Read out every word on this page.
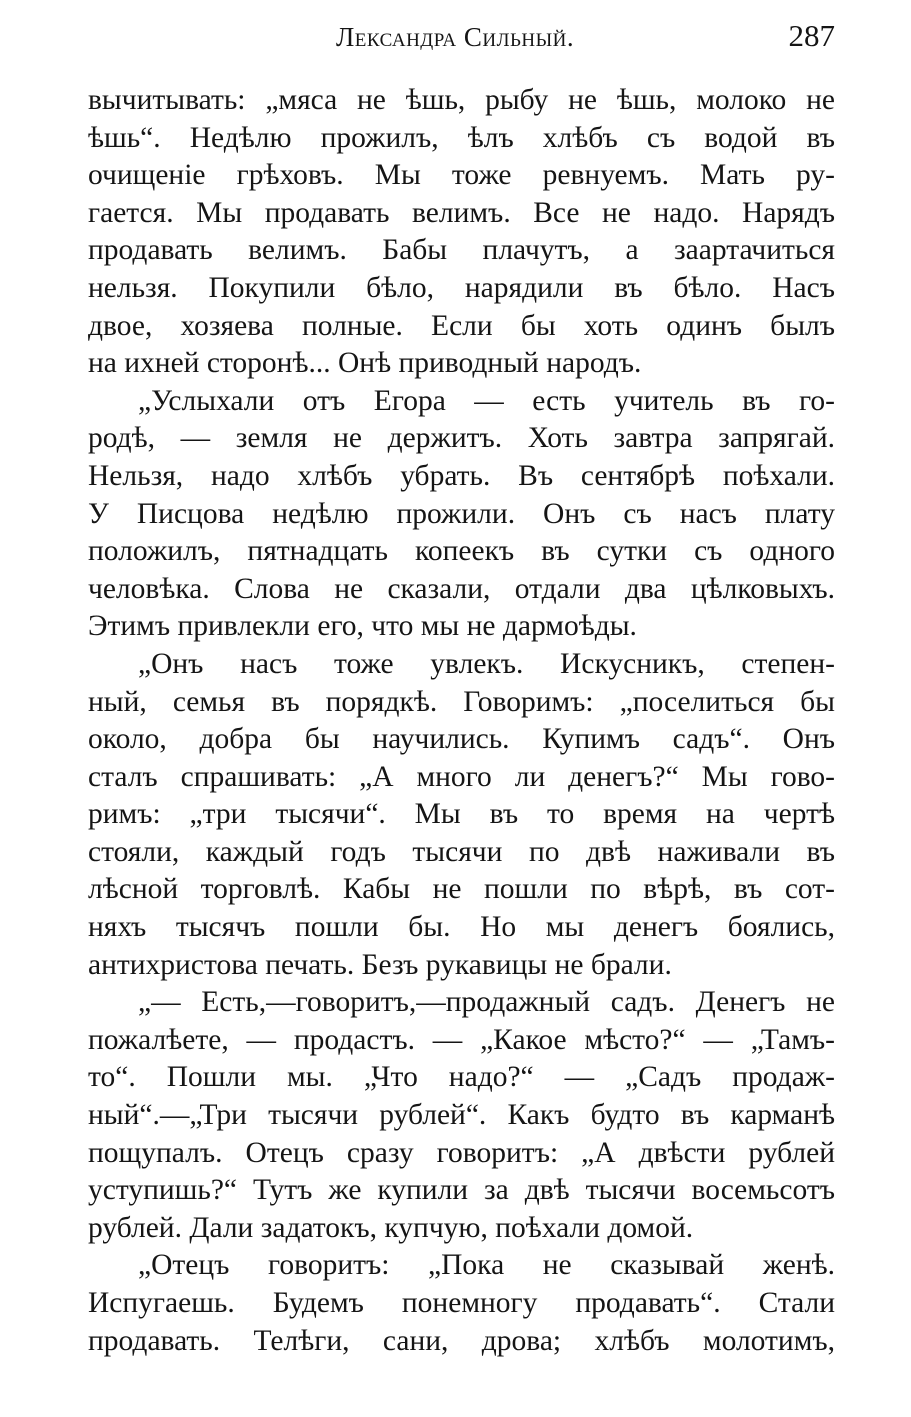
Лександра Сильный.	287
вычитывать: „мяса не ѣшь, рыбу не ѣшь, молоко не
ѣшь“. Недѣлю прожилъ, ѣлъ хлѣбъ съ водой въ
очищеніе грѣховъ. Мы тоже ревнуемъ. Мать ру-
гается. Мы продавать велимъ. Все не надо. Нарядъ
продавать велимъ. Бабы плачутъ, а заартачиться
нельзя. Покупили бѣло, нарядили въ бѣло. Насъ
двое, хозяева полные. Если бы хоть одинъ былъ
на ихней сторонѣ... Онѣ приводный народъ.
„Услыхали отъ Егора — есть учитель въ го-
родѣ, — земля не держитъ. Хоть завтра запрягай.
Нельзя, надо хлѣбъ убрать. Въ сентябрѣ поѣхали.
У Писцова недѣлю прожили. Онъ съ насъ плату
положилъ, пятнадцать копеекъ въ сутки съ одного
человѣка. Слова не сказали, отдали два цѣлковыхъ.
Этимъ привлекли его, что мы не дармоѣды.
„Онъ насъ тоже увлекъ. Искусникъ, степен-
ный, семья въ порядкѣ. Говоримъ: „поселиться бы
около, добра бы научились. Купимъ садъ“. Онъ
сталъ спрашивать: „А много ли денегъ?“ Мы гово-
римъ: „три тысячи“. Мы въ то время на чертѣ
стояли, каждый годъ тысячи по двѣ наживали въ
лѣсной торговлѣ. Кабы не пошли по вѣрѣ, въ сот-
няхъ тысячъ пошли бы. Но мы денегъ боялись,
антихристова печать. Безъ рукавицы не брали.
„— Есть,—говоритъ,—продажный садъ. Денегъ не
пожалѣете, — продастъ. — „Какое мѣсто?“ — „Тамъ-
то“. Пошли мы. „Что надо?“ — „Садъ продаж-
ный“.—„Три тысячи рублей“. Какъ будто въ карманѣ
пощупалъ. Отецъ сразу говоритъ: „А двѣсти рублей
уступишь?“ Тутъ же купили за двѣ тысячи восемьсотъ
рублей. Дали задатокъ, купчую, поѣхали домой.
„Отецъ говоритъ: „Пока не сказывай женѣ.
Испугаешь. Будемъ понемногу продавать“. Стали
продавать. Телѣги, сани, дрова; хлѣбъ молотимъ,
